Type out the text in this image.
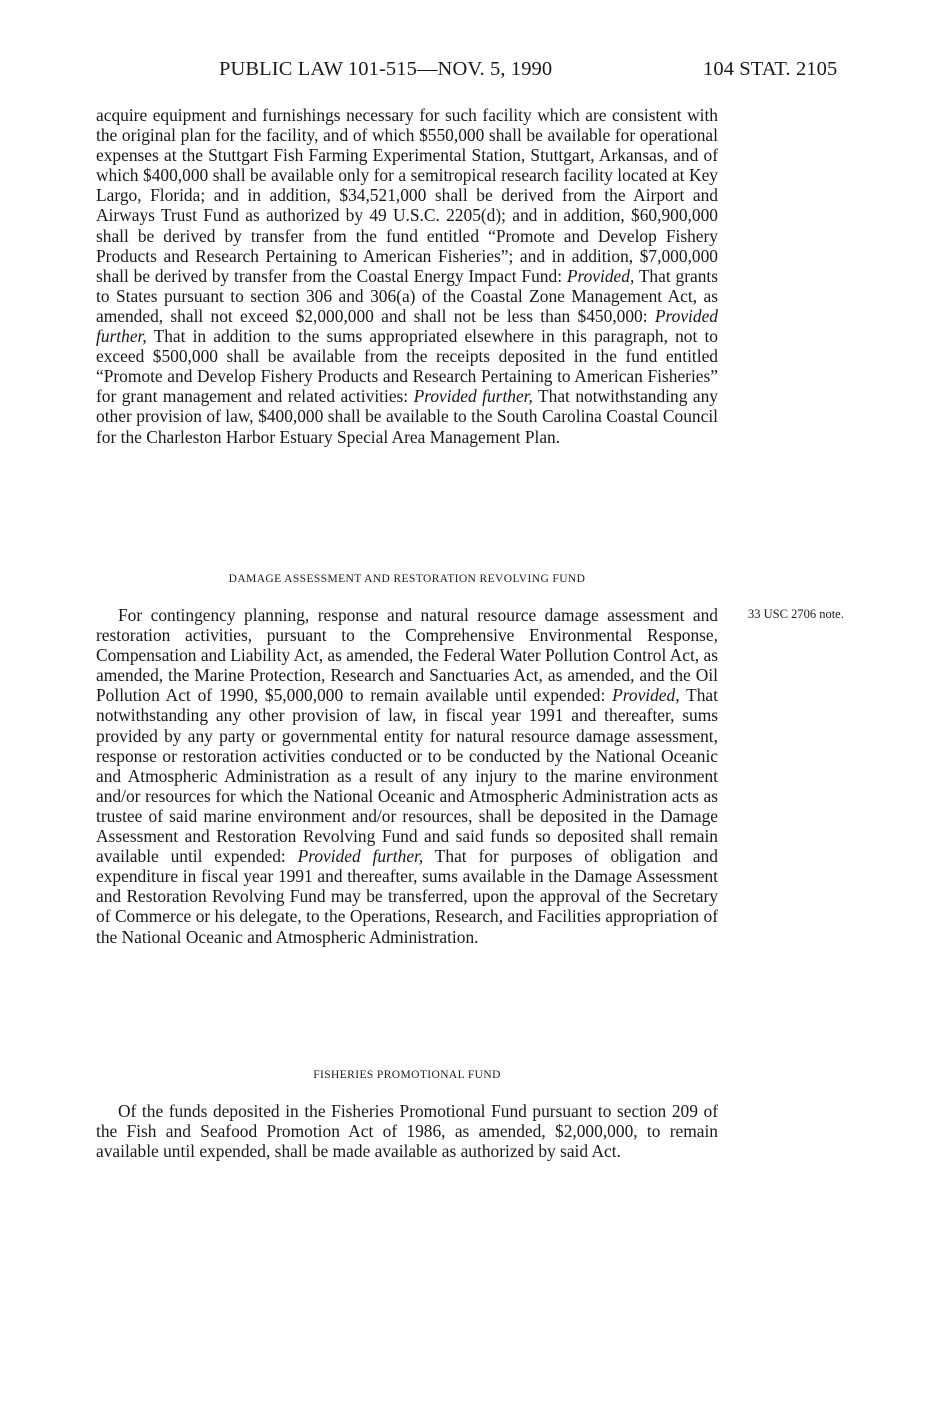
PUBLIC LAW 101-515—NOV. 5, 1990	104 STAT. 2105

acquire equipment and furnishings necessary for such facility which are consistent with the original plan for the facility, and of which $550,000 shall be available for operational expenses at the Stuttgart Fish Farming Experimental Station, Stuttgart, Arkansas, and of which $400,000 shall be available only for a semitropical research facility located at Key Largo, Florida; and in addition, $34,521,000 shall be derived from the Airport and Airways Trust Fund as authorized by 49 U.S.C. 2205(d); and in addition, $60,900,000 shall be derived by transfer from the fund entitled “Promote and Develop Fishery Products and Research Pertaining to American Fisheries”; and in addition, $7,000,000 shall be derived by transfer from the Coastal Energy Impact Fund: Provided, That grants to States pursuant to section 306 and 306(a) of the Coastal Zone Management Act, as amended, shall not exceed $2,000,000 and shall not be less than $450,000: Provided further, That in addition to the sums appropriated elsewhere in this paragraph, not to exceed $500,000 shall be available from the receipts deposited in the fund entitled “Promote and Develop Fishery Products and Research Pertaining to American Fisheries” for grant management and related activities: Provided further, That notwithstanding any other provision of law, $400,000 shall be available to the South Carolina Coastal Council for the Charleston Harbor Estuary Special Area Management Plan.

DAMAGE ASSESSMENT AND RESTORATION REVOLVING FUND

For contingency planning, response and natural resource damage assessment and restoration activities, pursuant to the Comprehensive Environmental Response, Compensation and Liability Act, as amended, the Federal Water Pollution Control Act, as amended, the Marine Protection, Research and Sanctuaries Act, as amended, and the Oil Pollution Act of 1990, $5,000,000 to remain available until expended: Provided, That notwithstanding any other provision of law, in fiscal year 1991 and thereafter, sums provided by any party or governmental entity for natural resource damage assessment, response or restoration activities conducted or to be conducted by the National Oceanic and Atmospheric Administration as a result of any injury to the marine environment and/or resources for which the National Oceanic and Atmospheric Administration acts as trustee of said marine environment and/or resources, shall be deposited in the Damage Assessment and Restoration Revolving Fund and said funds so deposited shall remain available until expended: Provided further, That for purposes of obligation and expenditure in fiscal year 1991 and thereafter, sums available in the Damage Assessment and Restoration Revolving Fund may be transferred, upon the approval of the Secretary of Commerce or his delegate, to the Operations, Research, and Facilities appropriation of the National Oceanic and Atmospheric Administration.

33 USC 2706 note.
FISHERIES PROMOTIONAL FUND

Of the funds deposited in the Fisheries Promotional Fund pursuant to section 209 of the Fish and Seafood Promotion Act of 1986, as amended, $2,000,000, to remain available until expended, shall be made available as authorized by said Act.
